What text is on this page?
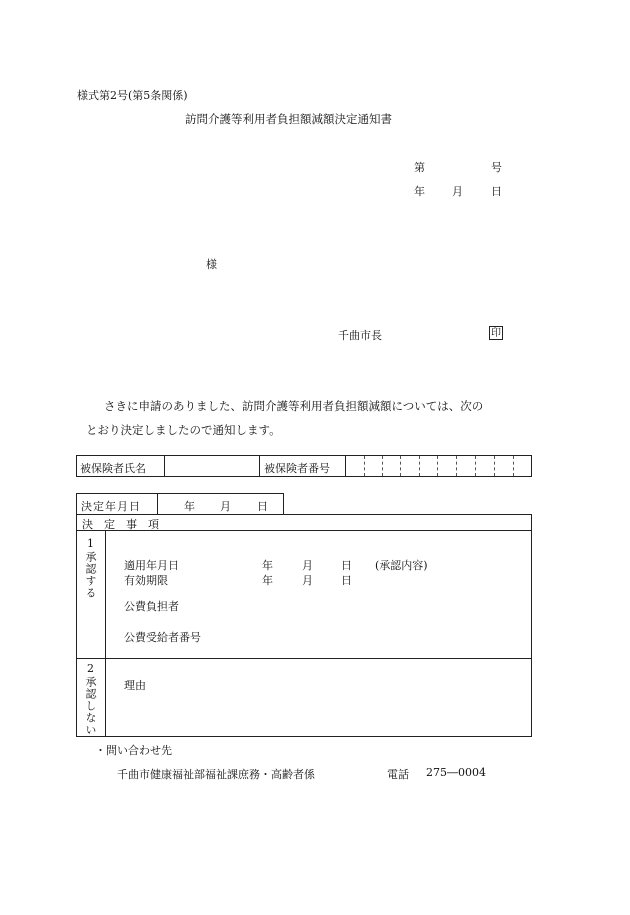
様式第2号(第5条関係)
訪問介護等利用者負担額減額決定通知書
第	号
年 月	日
様
千曲市長	印
さきに申請のありました、訪問介護等利用者負担額減額については、次の
とおり決定しましたので通知します。
被保険者氏名	被保険者番号
決定年月日	年 月 日
決　定　事　項
1承認する 適用年月日	年	月	日 (承認内容)
有効期限	年	月	日
公費負担者
公費受給者番号
2承認しない 理由
・問い合わせ先
千曲市健康福祉部福祉課庶務・高齢者係	電話 275―0004
